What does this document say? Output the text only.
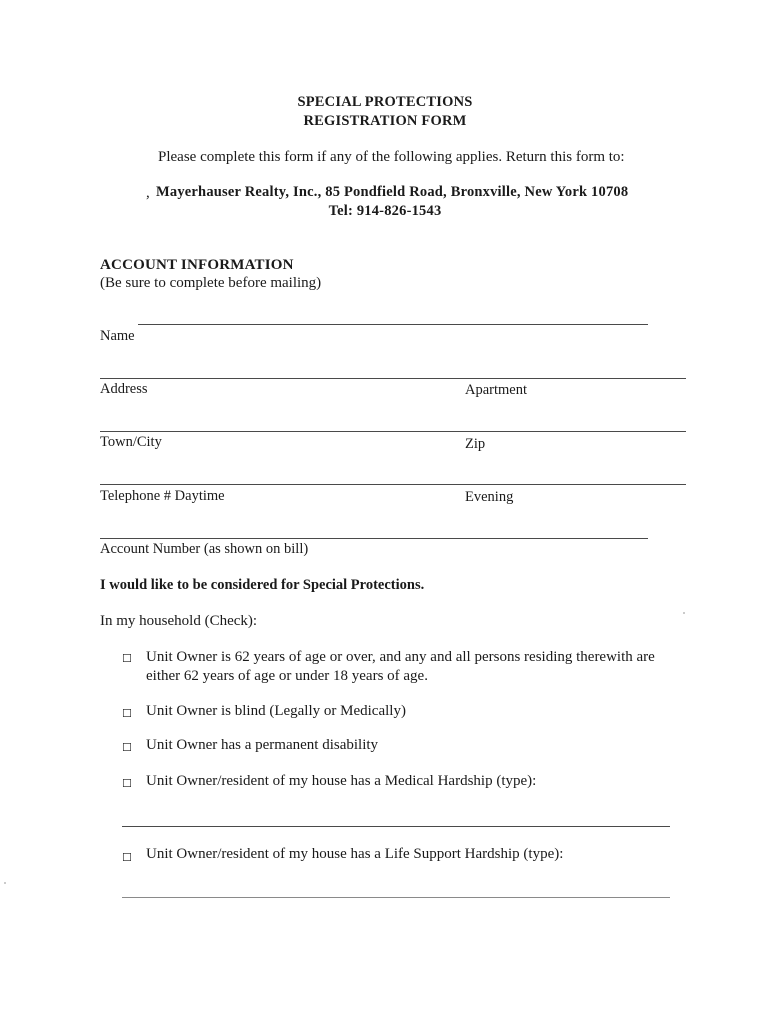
SPECIAL PROTECTIONS
REGISTRATION FORM
Please complete this form if any of the following applies. Return this form to:
, Mayerhauser Realty, Inc., 85 Pondfield Road, Bronxville, New York 10708
Tel: 914-826-1543
ACCOUNT INFORMATION
(Be sure to complete before mailing)
Name
Address	Apartment
Town/City	Zip
Telephone # Daytime	Evening
Account Number (as shown on bill)
I would like to be considered for Special Protections.
In my household (Check):
☐ Unit Owner is 62 years of age or over, and any and all persons residing therewith are
either 62 years of age or under 18 years of age.
☐ Unit Owner is blind (Legally or Medically)
☐ Unit Owner has a permanent disability
☐ Unit Owner/resident of my house has a Medical Hardship (type):
☐ Unit Owner/resident of my house has a Life Support Hardship (type):
